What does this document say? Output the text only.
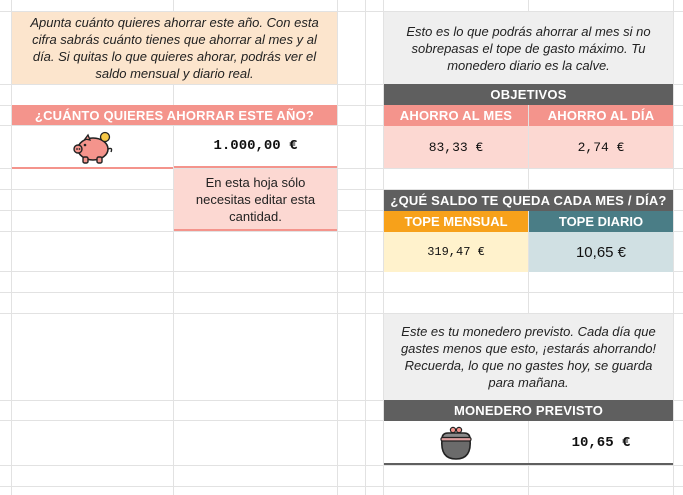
Apunta cuánto quieres ahorrar este año. Con esta cifra sabrás cuánto tienes que ahorrar al mes y al día. Si quitas lo que quieres ahorar, podrás ver el saldo mensual y diario real.
¿CUÁNTO QUIERES AHORRAR ESTE AÑO?
1.000,00 €
En esta hoja sólo necesitas editar esta cantidad.
Esto es lo que podrás ahorrar al mes si no sobrepasas el tope de gasto máximo. Tu monedero diario es la calve.
OBJETIVOS
AHORRO AL MES	AHORRO AL DÍA
83,33 €	2,74 €
¿QUÉ SALDO TE QUEDA CADA MES / DÍA?
TOPE MENSUAL	TOPE DIARIO
319,47 €	10,65 €
Este es tu monedero previsto. Cada día que gastes menos que esto, ¡estarás ahorrando! Recuerda, lo que no gastes hoy, se guarda para mañana.
MONEDERO PREVISTO
10,65 €
